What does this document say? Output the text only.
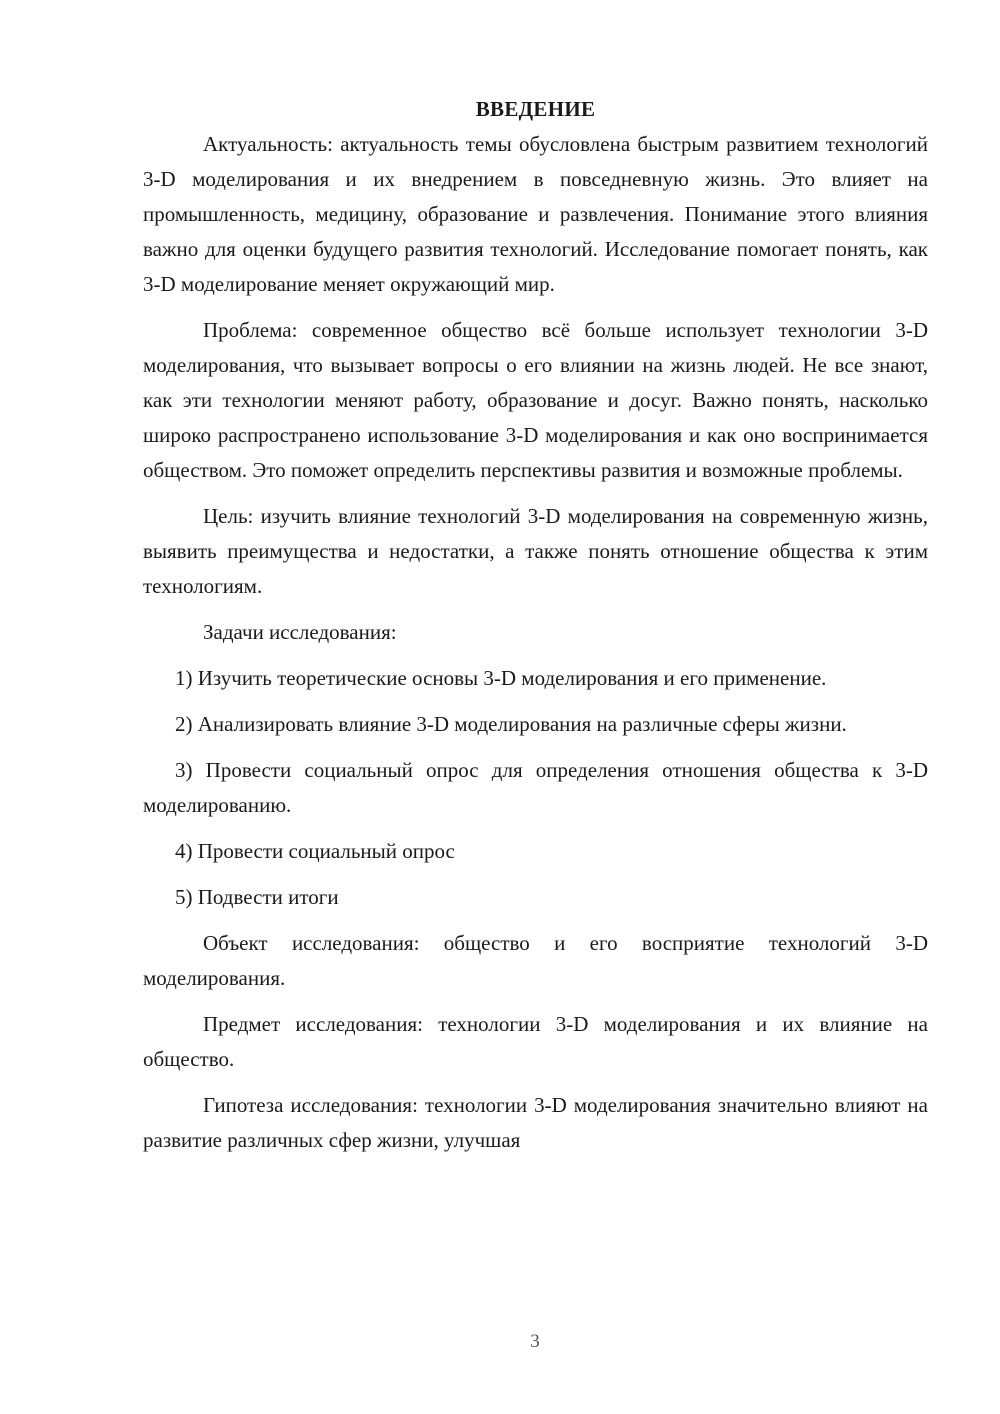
ВВЕДЕНИЕ

Актуальность: актуальность темы обусловлена быстрым развитием технологий 3-D моделирования и их внедрением в повседневную жизнь. Это влияет на промышленность, медицину, образование и развлечения. Понимание этого влияния важно для оценки будущего развития технологий. Исследование помогает понять, как 3-D моделирование меняет окружающий мир.

Проблема: современное общество всё больше использует технологии 3-D моделирования, что вызывает вопросы о его влиянии на жизнь людей. Не все знают, как эти технологии меняют работу, образование и досуг. Важно понять, насколько широко распространено использование 3-D моделирования и как оно воспринимается обществом. Это поможет определить перспективы развития и возможные проблемы.

Цель: изучить влияние технологий 3-D моделирования на современную жизнь, выявить преимущества и недостатки, а также понять отношение общества к этим технологиям.

Задачи исследования:

1) Изучить теоретические основы 3-D моделирования и его применение.

2) Анализировать влияние 3-D моделирования на различные сферы жизни.

3) Провести социальный опрос для определения отношения общества к 3-D моделированию.

4) Провести социальный опрос

5) Подвести итоги

Объект исследования: общество и его восприятие технологий 3-D моделирования.

Предмет исследования: технологии 3-D моделирования и их влияние на общество.

Гипотеза исследования: технологии 3-D моделирования значительно влияют на развитие различных сфер жизни, улучшая

3
